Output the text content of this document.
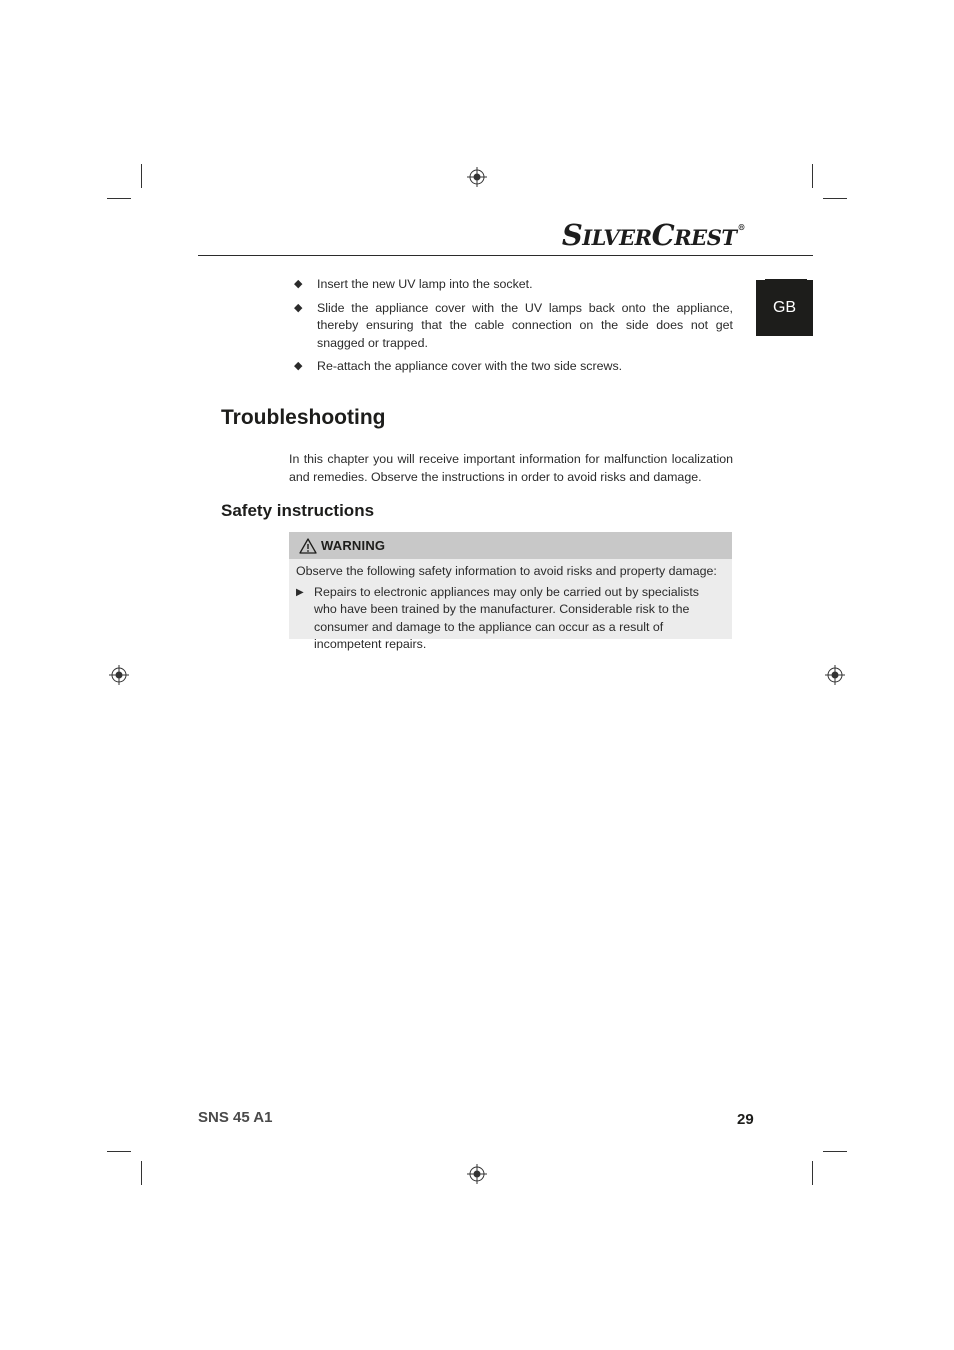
SILVERCREST®
GB
◆	Insert the new UV lamp into the socket.
◆	Slide the appliance cover with the UV lamps back onto the appliance, thereby ensuring that the cable connection on the side does not get snagged or trapped.
◆	Re-attach the appliance cover with the two side screws.
Troubleshooting

In this chapter you will receive important information for malfunction localization and remedies. Observe the instructions in order to avoid risks and damage.

Safety instructions
WARNING
Observe the following safety information to avoid risks and property damage:
▶ Repairs to electronic appliances may only be carried out by specialists who have been trained by the manufacturer. Considerable risk to the consumer and damage to the appliance can occur as a result of incompetent repairs.
SNS 45 A1	29
